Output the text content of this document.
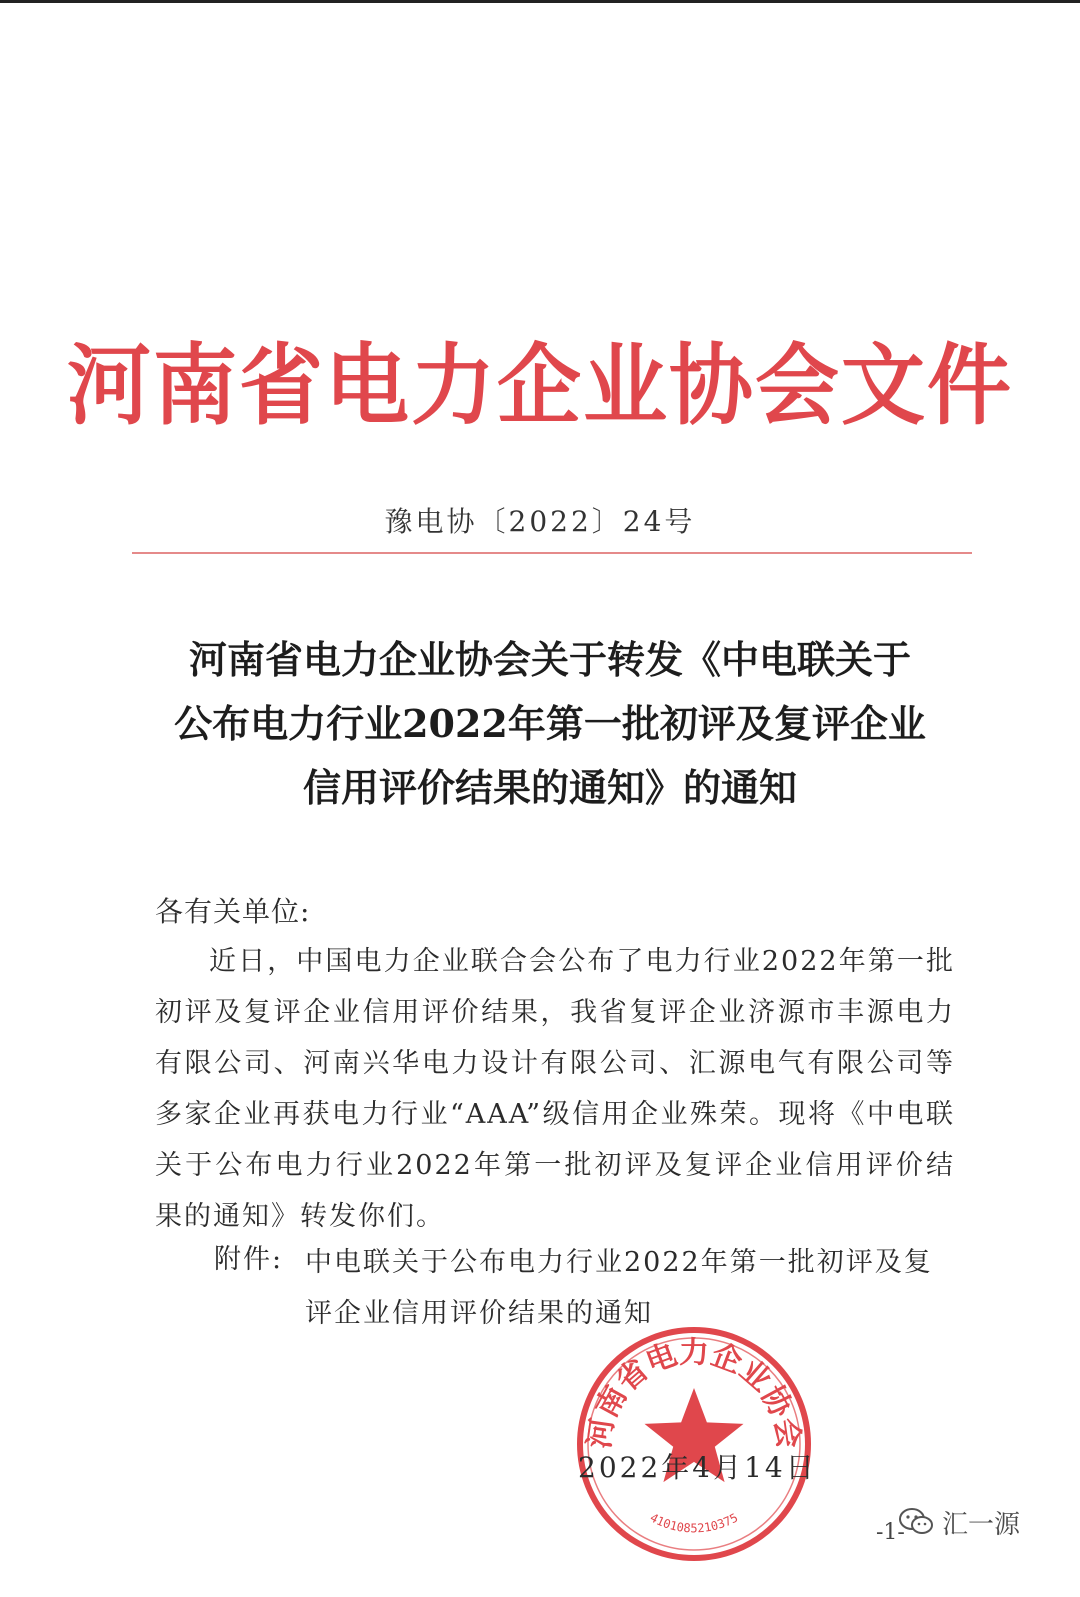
河南省电力企业协会文件
豫电协〔2022〕24号
河南省电力企业协会关于转发《中电联关于
公布电力行业2022年第一批初评及复评企业
信用评价结果的通知》的通知
各有关单位:
近日，中国电力企业联合会公布了电力行业2022年第一批初评及复评企业信用评价结果，我省复评企业济源市丰源电力有限公司、河南兴华电力设计有限公司、汇源电气有限公司等多家企业再获电力行业“AAA”级信用企业殊荣。现将《中电联关于公布电力行业2022年第一批初评及复评企业信用评价结果的通知》转发你们。
附件: 中电联关于公布电力行业2022年第一批初评及复评企业信用评价结果的通知
河南省电力企业协会
4101085210375
2022年4月14日
-1- 汇一源
